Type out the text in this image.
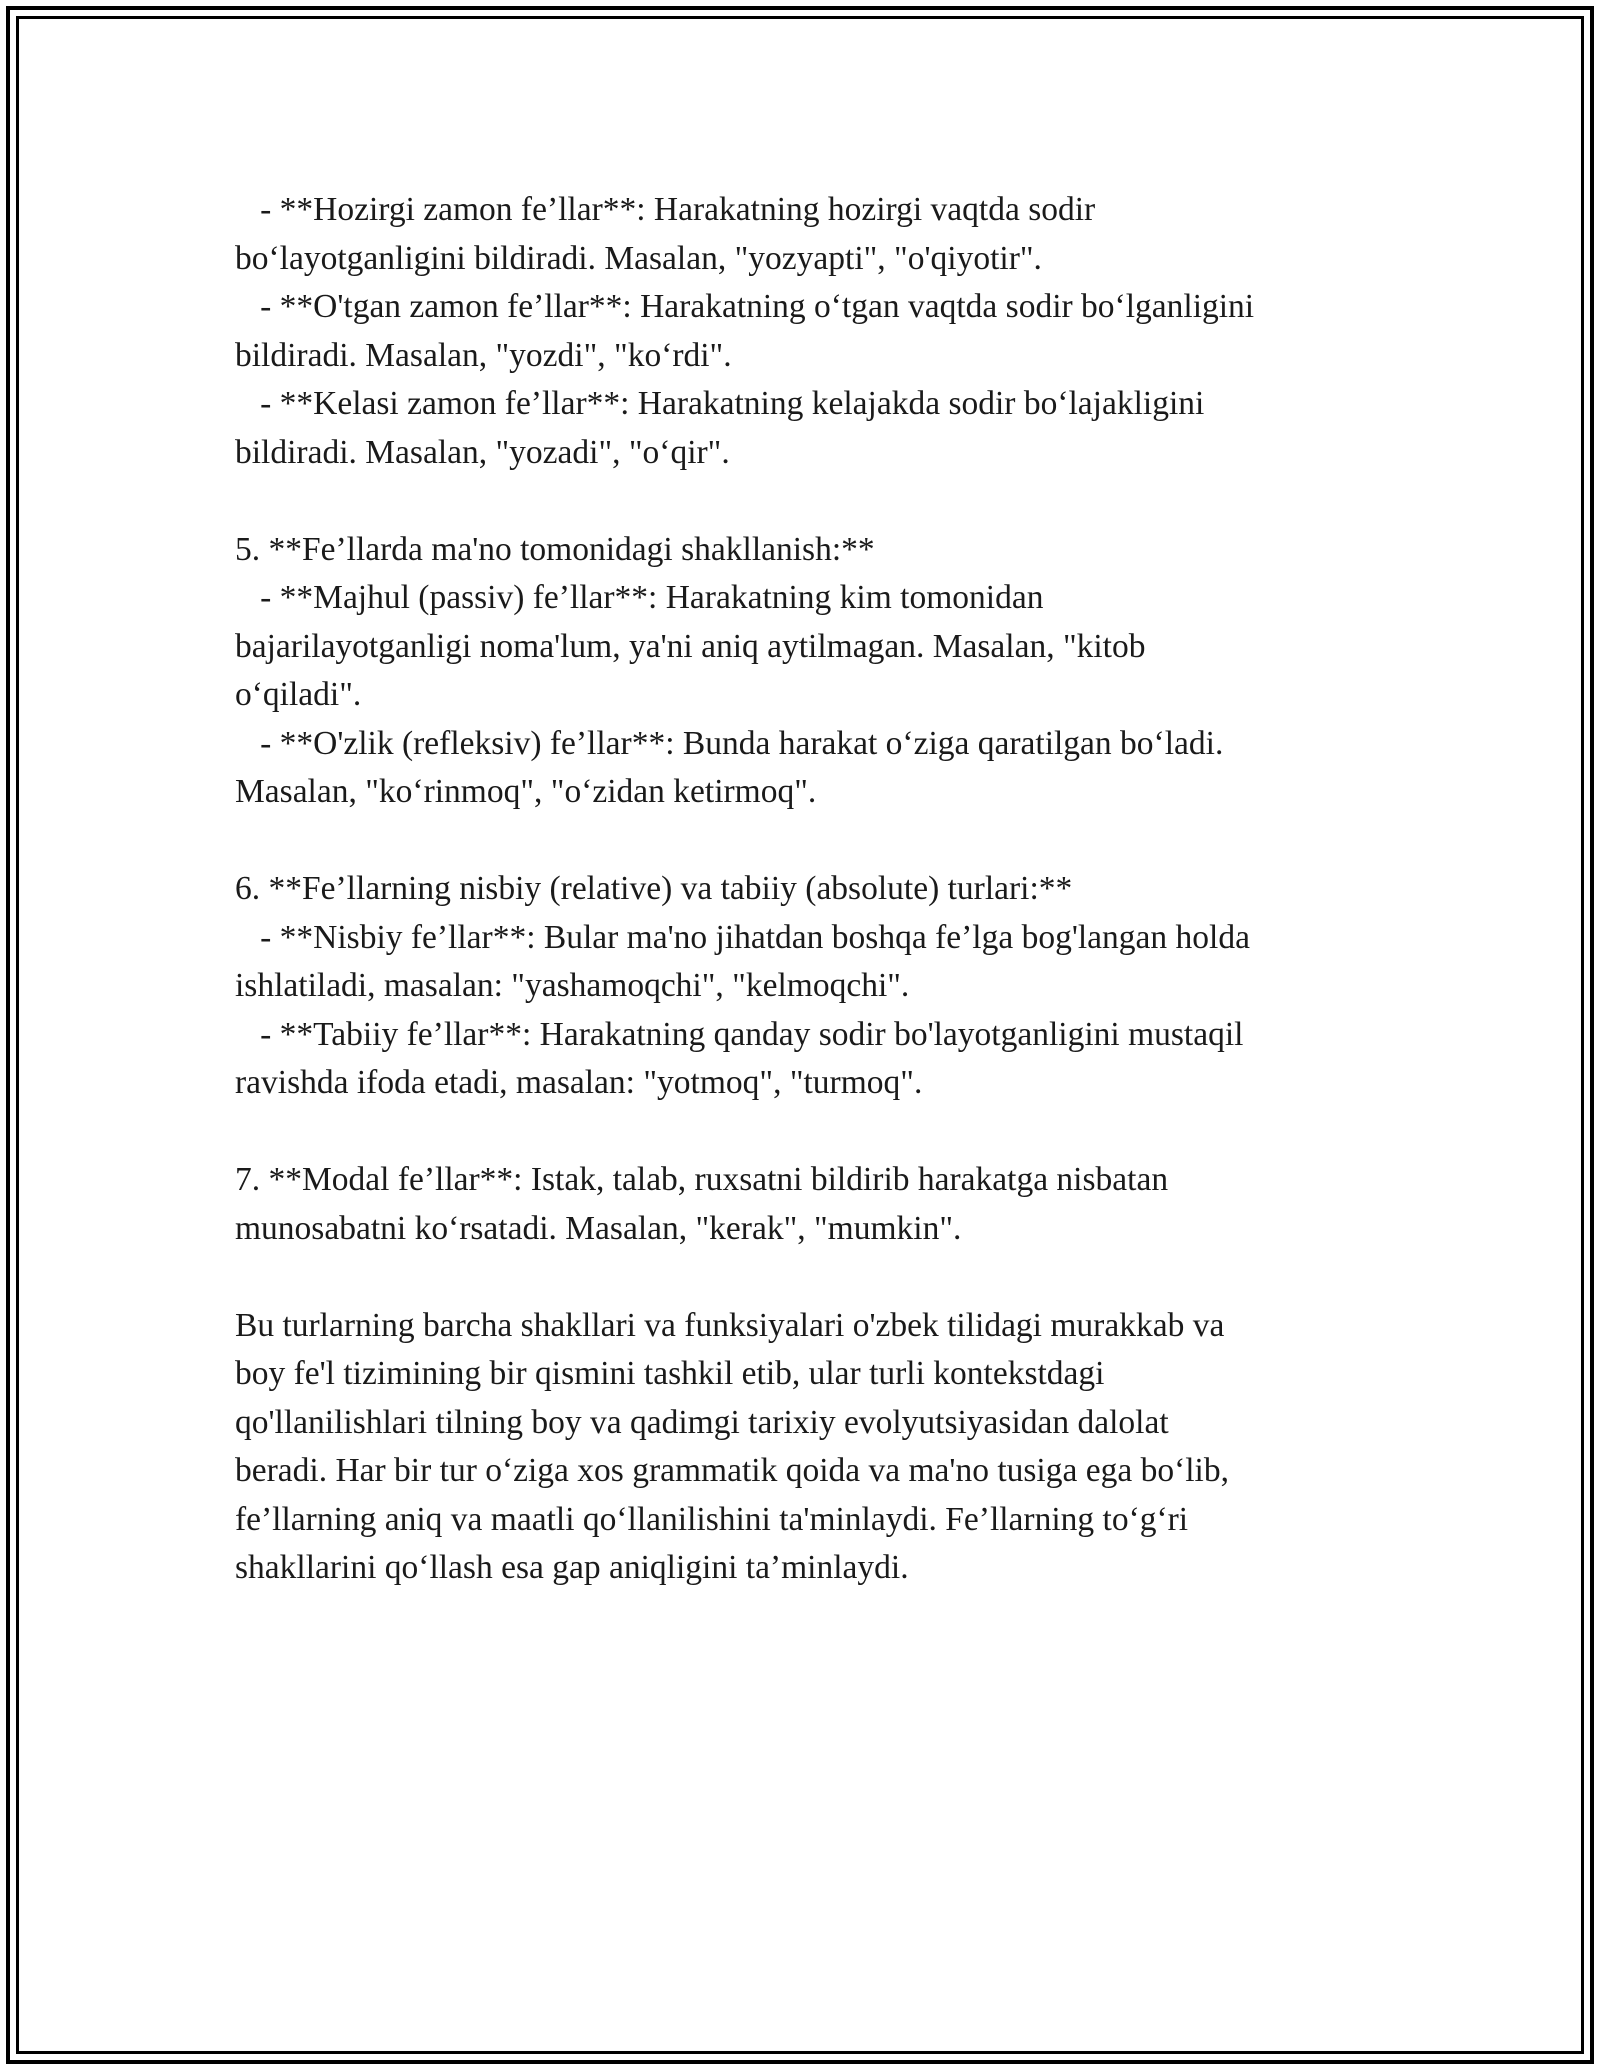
- **Hozirgi zamon fe’llar**: Harakatning hozirgi vaqtda sodir
bo‘layotganligini bildiradi. Masalan, "yozyapti", "o'qiyotir".
- **O'tgan zamon fe’llar**: Harakatning o‘tgan vaqtda sodir bo‘lganligini
bildiradi. Masalan, "yozdi", "ko‘rdi".
- **Kelasi zamon fe’llar**: Harakatning kelajakda sodir bo‘lajakligini
bildiradi. Masalan, "yozadi", "o‘qir".
5. **Fe’llarda ma'no tomonidagi shakllanish:**
- **Majhul (passiv) fe’llar**: Harakatning kim tomonidan
bajarilayotganligi noma'lum, ya'ni aniq aytilmagan. Masalan, "kitob
o‘qiladi".
- **O'zlik (refleksiv) fe’llar**: Bunda harakat o‘ziga qaratilgan bo‘ladi.
Masalan, "ko‘rinmoq", "o‘zidan ketirmoq".
6. **Fe’llarning nisbiy (relative) va tabiiy (absolute) turlari:**
- **Nisbiy fe’llar**: Bular ma'no jihatdan boshqa fe’lga bog'langan holda
ishlatiladi, masalan: "yashamoqchi", "kelmoqchi".
- **Tabiiy fe’llar**: Harakatning qanday sodir bo'layotganligini mustaqil
ravishda ifoda etadi, masalan: "yotmoq", "turmoq".
7. **Modal fe’llar**: Istak, talab, ruxsatni bildirib harakatga nisbatan
munosabatni ko‘rsatadi. Masalan, "kerak", "mumkin".
Bu turlarning barcha shakllari va funksiyalari o'zbek tilidagi murakkab va
boy fe'l tizimining bir qismini tashkil etib, ular turli kontekstdagi
qo'llanilishlari tilning boy va qadimgi tarixiy evolyutsiyasidan dalolat
beradi. Har bir tur o‘ziga xos grammatik qoida va ma'no tusiga ega bo‘lib,
fe’llarning aniq va maatli qo‘llanilishini ta'minlaydi. Fe’llarning to‘g‘ri
shakllarini qo‘llash esa gap aniqligini ta’minlaydi.
